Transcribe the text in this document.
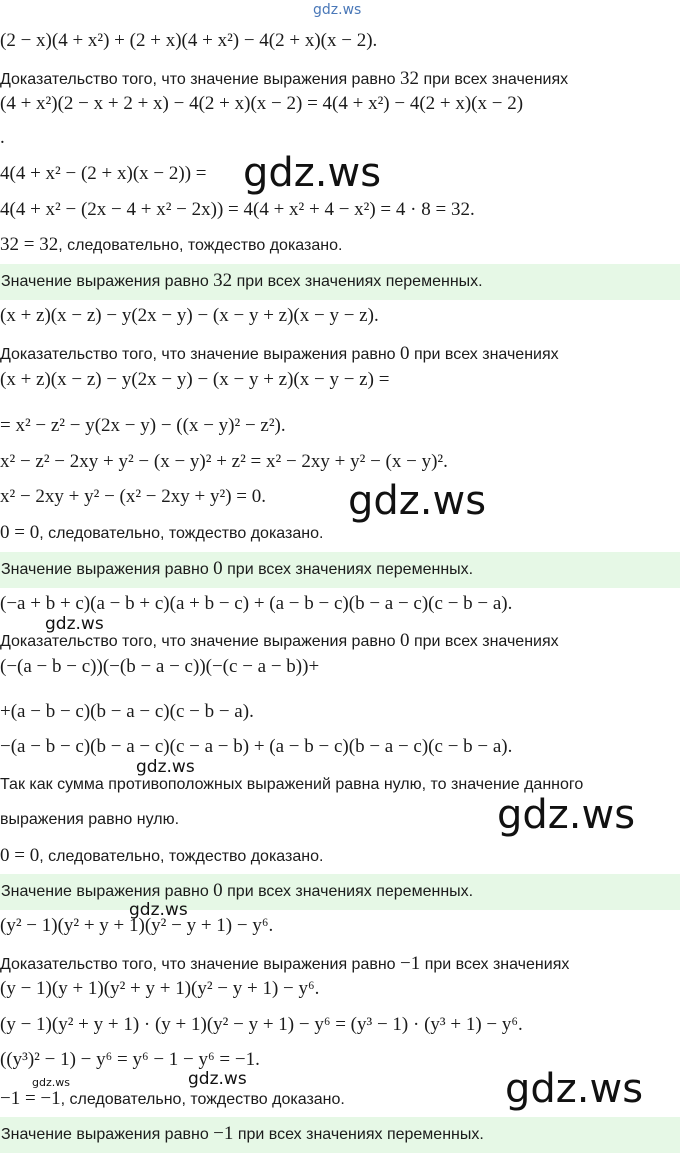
gdz.ws
(2 − x)(4 + x²) + (2 + x)(4 + x²) − 4(2 + x)(x − 2).
Доказательство того, что значение выражения равно 32 при всех значениях
(4 + x²)(2 − x + 2 + x) − 4(2 + x)(x − 2) = 4(4 + x²) − 4(2 + x)(x − 2)
.
4(4 + x² − (2 + x)(x − 2)) =
4(4 + x² − (2x − 4 + x² − 2x)) = 4(4 + x² + 4 − x²) = 4 · 8 = 32.
32 = 32, следовательно, тождество доказано.
Значение выражения равно 32 при всех значениях переменных.
gdz.ws
(x + z)(x − z) − y(2x − y) − (x − y + z)(x − y − z).
Доказательство того, что значение выражения равно 0 при всех значениях
(x + z)(x − z) − y(2x − y) − (x − y + z)(x − y − z) =
= x² − z² − y(2x − y) − ((x − y)² − z²).
x² − z² − 2xy + y² − (x − y)² + z² = x² − 2xy + y² − (x − y)².
x² − 2xy + y² − (x² − 2xy + y²) = 0.
0 = 0, следовательно, тождество доказано.
Значение выражения равно 0 при всех значениях переменных.
gdz.ws
(−a + b + c)(a − b + c)(a + b − c) + (a − b − c)(b − a − c)(c − b − a).
Доказательство того, что значение выражения равно 0 при всех значениях
gdz.ws
(−(a − b − c))(−(b − a − c))(−(c − a − b))+
+(a − b − c)(b − a − c)(c − b − a).
−(a − b − c)(b − a − c)(c − a − b) + (a − b − c)(b − a − c)(c − b − a).
gdz.ws
Так как сумма противоположных выражений равна нулю, то значение данного
выражения равно нулю.	gdz.ws
0 = 0, следовательно, тождество доказано.
Значение выражения равно 0 при всех значениях переменных.
gdz.ws
(y² − 1)(y² + y + 1)(y² − y + 1) − y⁶.
Доказательство того, что значение выражения равно −1 при всех значениях
(y − 1)(y + 1)(y² + y + 1)(y² − y + 1) − y⁶.
(y − 1)(y² + y + 1) · (y + 1)(y² − y + 1) − y⁶ = (y³ − 1) · (y³ + 1) − y⁶.
((y³)² − 1) − y⁶ = y⁶ − 1 − y⁶ = −1.
gdz.ws	gdz.ws
−1 = −1, следовательно, тождество доказано.	gdz.ws
Значение выражения равно −1 при всех значениях переменных.
